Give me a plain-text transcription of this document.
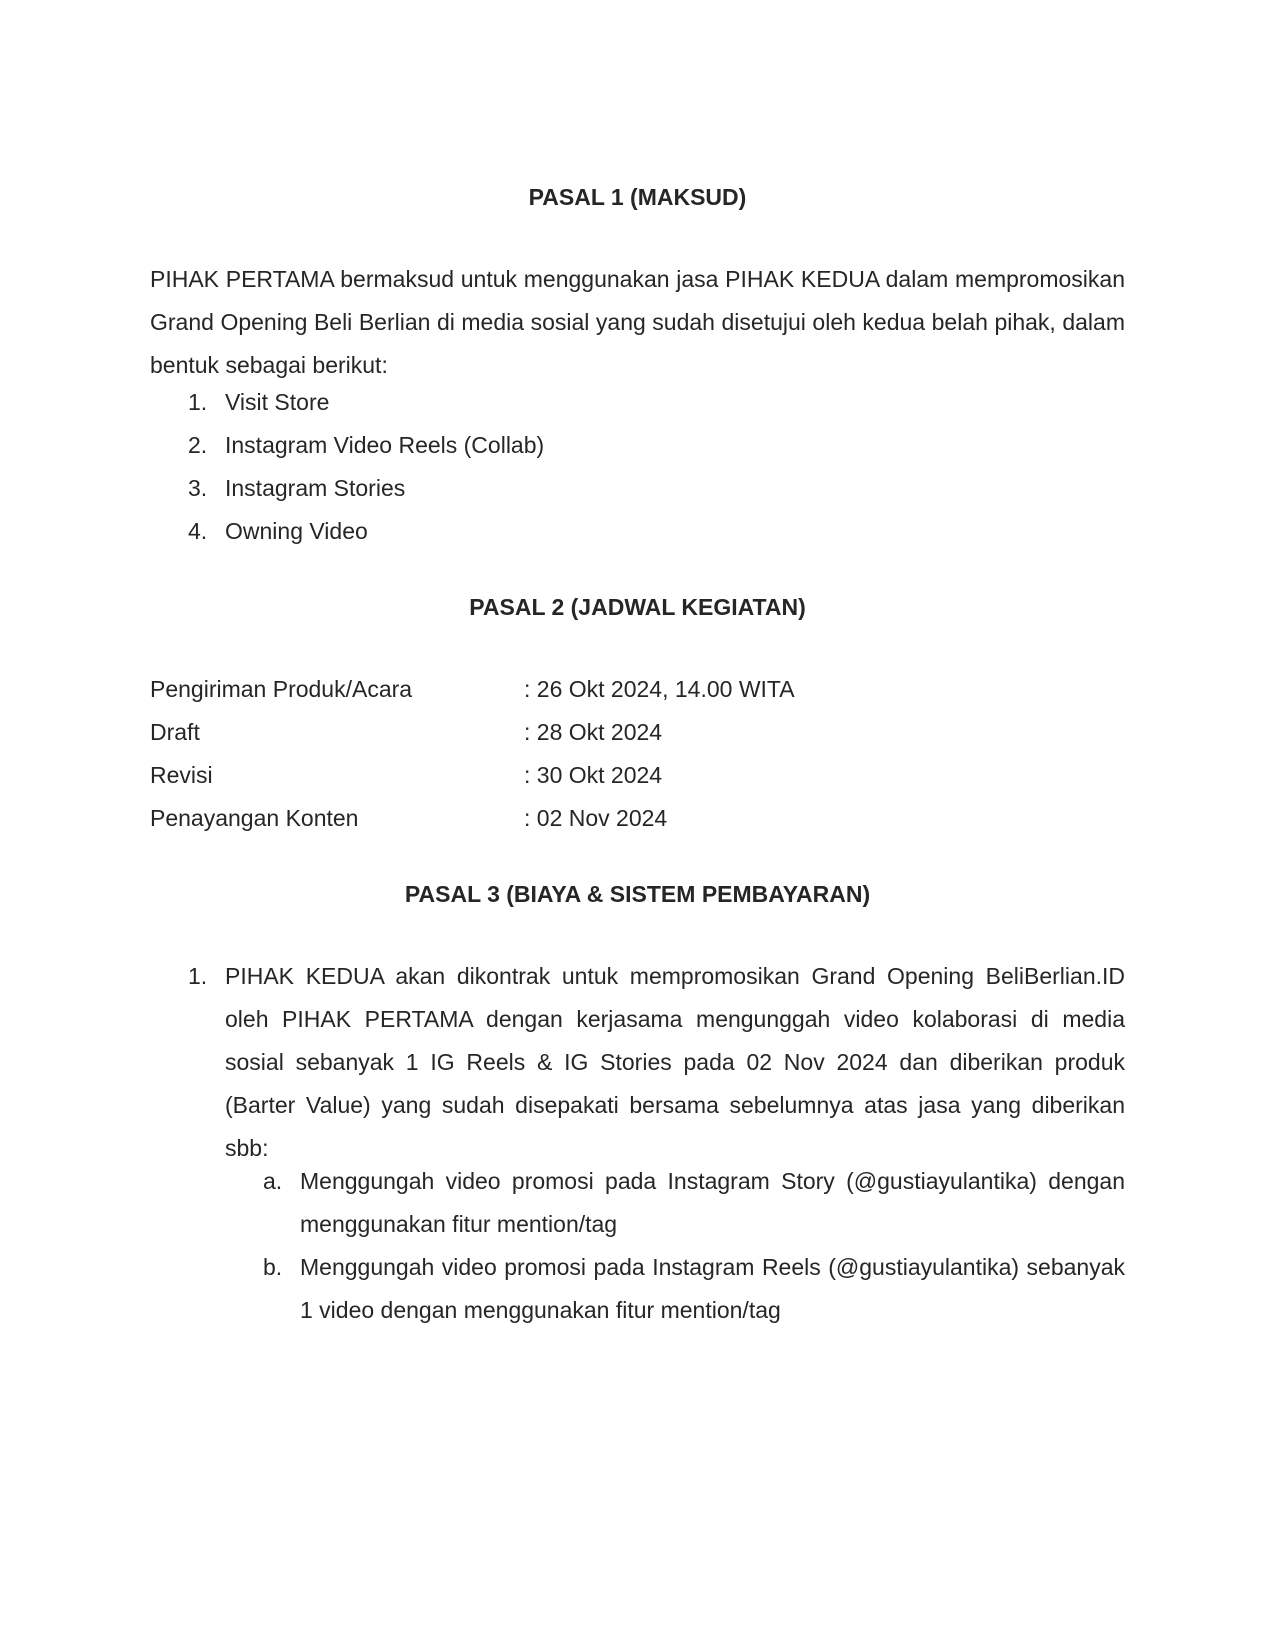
PASAL 1 (MAKSUD)

PIHAK PERTAMA bermaksud untuk menggunakan jasa PIHAK KEDUA dalam mempromosikan Grand Opening Beli Berlian di media sosial yang sudah disetujui oleh kedua belah pihak, dalam bentuk sebagai berikut:

1. Visit Store
2. Instagram Video Reels (Collab)
3. Instagram Stories
4. Owning Video
PASAL 2 (JADWAL KEGIATAN)
Pengiriman Produk/Acara	: 26 Okt 2024, 14.00 WITA
Draft	: 28 Okt 2024
Revisi	: 30 Okt 2024
Penayangan Konten	: 02 Nov 2024
PASAL 3 (BIAYA & SISTEM PEMBAYARAN)
1. PIHAK KEDUA akan dikontrak untuk mempromosikan Grand Opening BeliBerlian.ID oleh PIHAK PERTAMA dengan kerjasama mengunggah video kolaborasi di media sosial sebanyak 1 IG Reels & IG Stories pada 02 Nov 2024 dan diberikan produk (Barter Value) yang sudah disepakati bersama sebelumnya atas jasa yang diberikan sbb:

a. Menggungah video promosi pada Instagram Story (@gustiayulantika) dengan menggunakan fitur mention/tag

b. Menggungah video promosi pada Instagram Reels (@gustiayulantika) sebanyak 1 video dengan menggunakan fitur mention/tag
